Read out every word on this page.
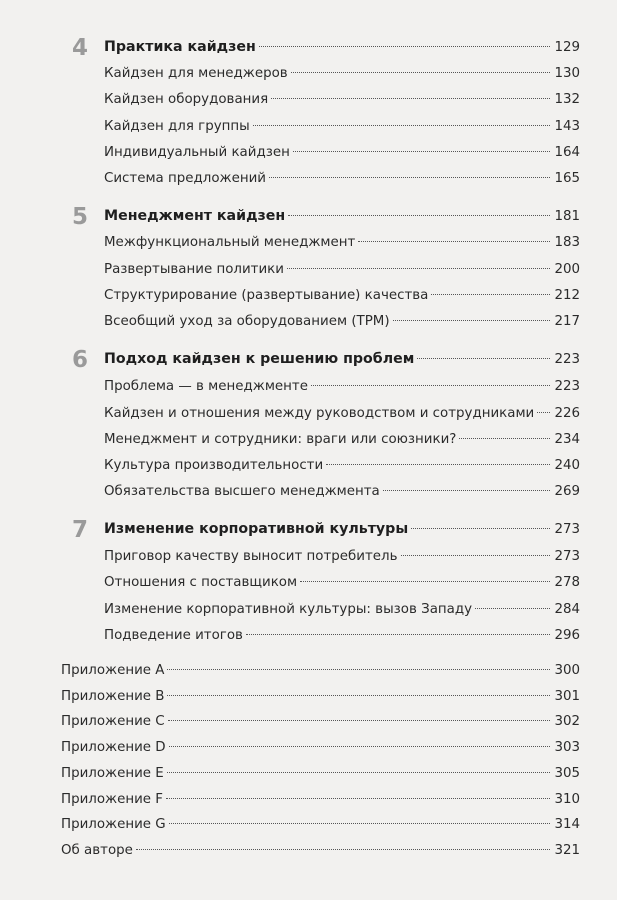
4 Практика кайдзен	129
Кайдзен для менеджеров	130
Кайдзен оборудования	132
Кайдзен для группы	143
Индивидуальный кайдзен	164
Система предложений	165
5 Менеджмент кайдзен	181
Межфункциональный менеджмент	183
Развертывание политики	200
Структурирование (развертывание) качества	212
Всеобщий уход за оборудованием (TPM)	217
6 Подход кайдзен к решению проблем	223
Проблема — в менеджменте	223
Кайдзен и отношения между руководством и сотрудниками 226
Менеджмент и сотрудники: враги или союзники?	234
Культура производительности	240
Обязательства высшего менеджмента	269
7 Изменение корпоративной культуры	273
Приговор качеству выносит потребитель	273
Отношения с поставщиком	278
Изменение корпоративной культуры: вызов Западу	284
Подведение итогов	296
Приложение A	300
Приложение B	301
Приложение C	302
Приложение D	303
Приложение E	305
Приложение F	310
Приложение G	314
Об авторе	321
